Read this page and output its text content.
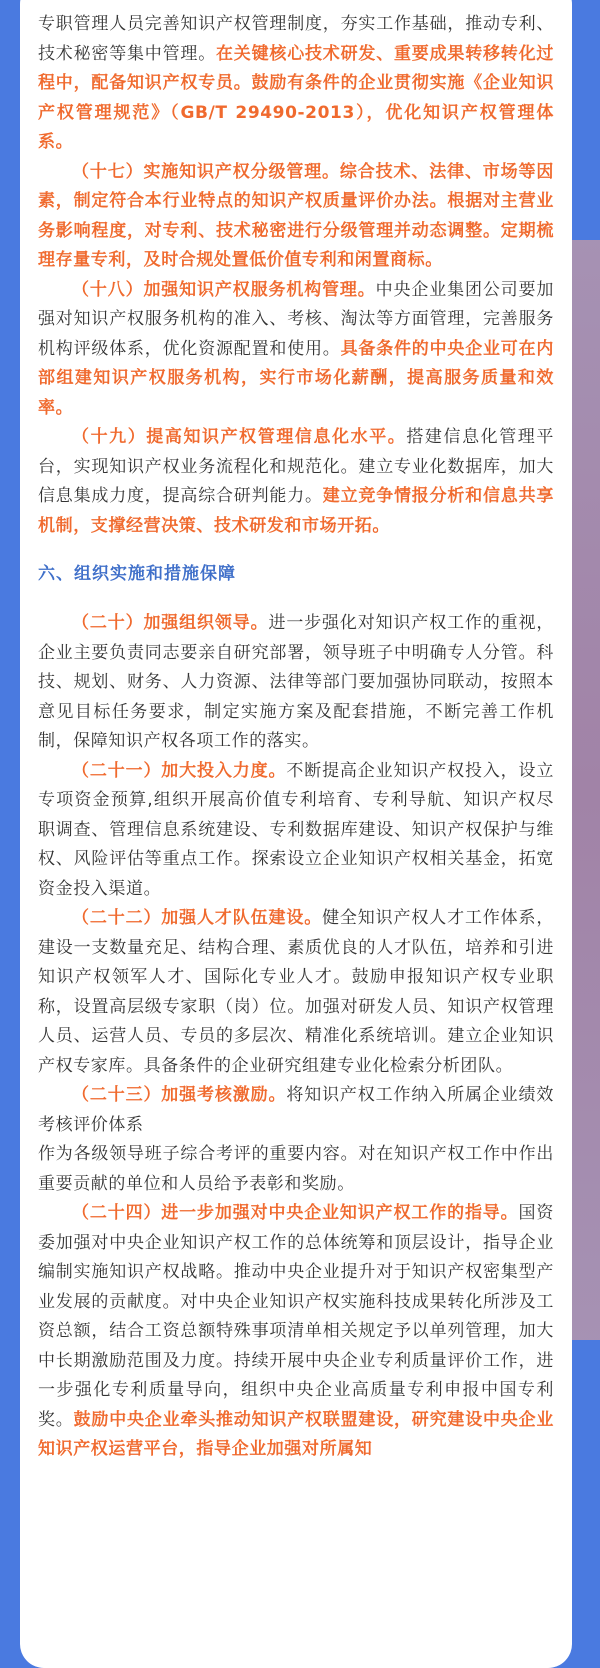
专职管理人员完善知识产权管理制度，夯实工作基础，推动专利、技术秘密等集中管理。在关键核心技术研发、重要成果转移转化过程中，配备知识产权专员。鼓励有条件的企业贯彻实施《企业知识产权管理规范》（GB/T 29490-2013），优化知识产权管理体系。

（十七）实施知识产权分级管理。综合技术、法律、市场等因素，制定符合本行业特点的知识产权质量评价办法。根据对主营业务影响程度，对专利、技术秘密进行分级管理并动态调整。定期梳理存量专利，及时合规处置低价值专利和闲置商标。

（十八）加强知识产权服务机构管理。中央企业集团公司要加强对知识产权服务机构的准入、考核、淘汰等方面管理，完善服务机构评级体系，优化资源配置和使用。具备条件的中央企业可在内部组建知识产权服务机构，实行市场化薪酬，提高服务质量和效率。

（十九）提高知识产权管理信息化水平。搭建信息化管理平台，实现知识产权业务流程化和规范化。建立专业化数据库，加大信息集成力度，提高综合研判能力。建立竞争情报分析和信息共享机制，支撑经营决策、技术研发和市场开拓。

六、组织实施和措施保障

（二十）加强组织领导。进一步强化对知识产权工作的重视，企业主要负责同志要亲自研究部署，领导班子中明确专人分管。科技、规划、财务、人力资源、法律等部门要加强协同联动，按照本意见目标任务要求，制定实施方案及配套措施，不断完善工作机制，保障知识产权各项工作的落实。

（二十一）加大投入力度。不断提高企业知识产权投入，设立专项资金预算,组织开展高价值专利培育、专利导航、知识产权尽职调查、管理信息系统建设、专利数据库建设、知识产权保护与维权、风险评估等重点工作。探索设立企业知识产权相关基金，拓宽资金投入渠道。

（二十二）加强人才队伍建设。健全知识产权人才工作体系，建设一支数量充足、结构合理、素质优良的人才队伍，培养和引进知识产权领军人才、国际化专业人才。鼓励申报知识产权专业职称，设置高层级专家职（岗）位。加强对研发人员、知识产权管理人员、运营人员、专员的多层次、精准化系统培训。建立企业知识产权专家库。具备条件的企业研究组建专业化检索分析团队。

（二十三）加强考核激励。将知识产权工作纳入所属企业绩效考核评价体系
作为各级领导班子综合考评的重要内容。对在知识产权工作中作出重要贡献的单位和人员给予表彰和奖励。

（二十四）进一步加强对中央企业知识产权工作的指导。国资委加强对中央企业知识产权工作的总体统筹和顶层设计，指导企业编制实施知识产权战略。推动中央企业提升对于知识产权密集型产业发展的贡献度。对中央企业知识产权实施科技成果转化所涉及工资总额，结合工资总额特殊事项清单相关规定予以单列管理，加大中长期激励范围及力度。持续开展中央企业专利质量评价工作，进一步强化专利质量导向，组织中央企业高质量专利申报中国专利奖。鼓励中央企业牵头推动知识产权联盟建设，研究建设中央企业知识产权运营平台，指导企业加强对所属知
